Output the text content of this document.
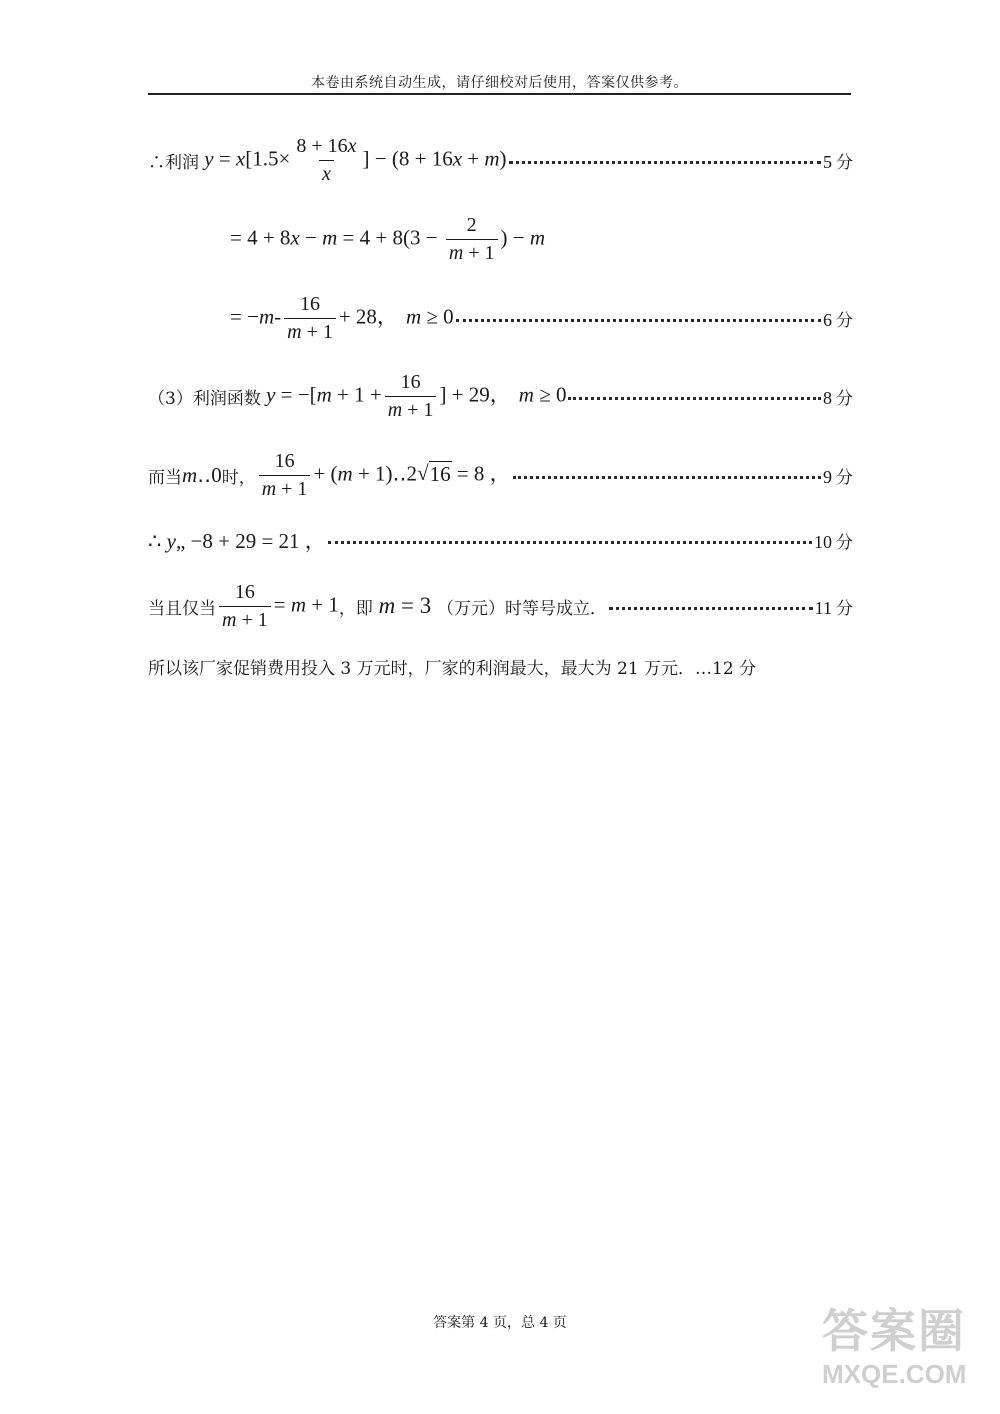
本卷由系统自动生成，请仔细校对后使用，答案仅供参考。
∴利润 $y = x[1.5\times \frac{8 + 16x}{x}$ ] − (8 + 16x + m)	5 分
= $4 + 8x - m = 4 + 8(3 - \frac{2}{m + 1}$ ) − m
= $-m- \frac{16}{m + 1} + 28$， m ≥ 0	6 分
（3）利润函数 $y = -[m + 1 + \frac{16}{m + 1}$ ] + 29， m ≥ 0	8 分
而当 m‥0 时， $\frac{16}{m + 1} + (m$ + 1)‥2√ 16 = 8 ，	9 分
∴ y„ −8 + 29 = 21 ，	10 分
当且仅当 $\frac{16}{m + 1} = m + 1$ ，即 m = 3 （万元）时等号成立．	11 分
所以该厂家促销费用投入 3 万元时，厂家的利润最大，最大为 21 万元．…12 分
答案第 4 页，总 4 页	答案圈
MXQE.COM
